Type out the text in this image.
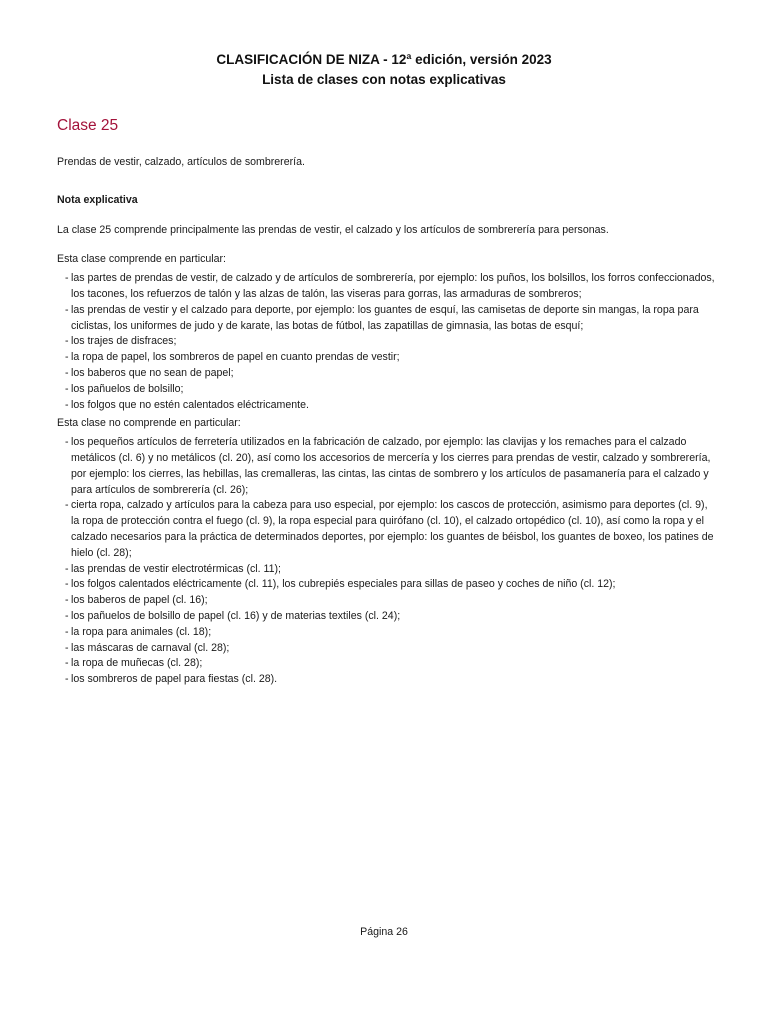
CLASIFICACIÓN DE NIZA - 12ª edición, versión 2023
Lista de clases con notas explicativas
Clase 25

Prendas de vestir, calzado, artículos de sombrerería.

Nota explicativa

La clase 25 comprende principalmente las prendas de vestir, el calzado y los artículos de sombrerería para personas.

Esta clase comprende en particular:

- las partes de prendas de vestir, de calzado y de artículos de sombrerería, por ejemplo: los puños, los bolsillos, los forros confeccionados, los tacones, los refuerzos de talón y las alzas de talón, las viseras para gorras, las armaduras de sombreros;
- las prendas de vestir y el calzado para deporte, por ejemplo: los guantes de esquí, las camisetas de deporte sin mangas, la ropa para ciclistas, los uniformes de judo y de karate, las botas de fútbol, las zapatillas de gimnasia, las botas de esquí;
- los trajes de disfraces;
- la ropa de papel, los sombreros de papel en cuanto prendas de vestir;
- los baberos que no sean de papel;
- los pañuelos de bolsillo;
- los folgos que no estén calentados eléctricamente.

Esta clase no comprende en particular:

- los pequeños artículos de ferretería utilizados en la fabricación de calzado, por ejemplo: las clavijas y los remaches para el calzado metálicos (cl. 6) y no metálicos (cl. 20), así como los accesorios de mercería y los cierres para prendas de vestir, calzado y sombrerería, por ejemplo: los cierres, las hebillas, las cremalleras, las cintas, las cintas de sombrero y los artículos de pasamanería para el calzado y para artículos de sombrerería (cl. 26);
- cierta ropa, calzado y artículos para la cabeza para uso especial, por ejemplo: los cascos de protección, asimismo para deportes (cl. 9), la ropa de protección contra el fuego (cl. 9), la ropa especial para quirófano (cl. 10), el calzado ortopédico (cl. 10), así como la ropa y el calzado necesarios para la práctica de determinados deportes, por ejemplo: los guantes de béisbol, los guantes de boxeo, los patines de hielo (cl. 28);
- las prendas de vestir electrotérmicas (cl. 11);
- los folgos calentados eléctricamente (cl. 11), los cubrepiés especiales para sillas de paseo y coches de niño (cl. 12);
- los baberos de papel (cl. 16);
- los pañuelos de bolsillo de papel (cl. 16) y de materias textiles (cl. 24);
- la ropa para animales (cl. 18);
- las máscaras de carnaval (cl. 28);
- la ropa de muñecas (cl. 28);
- los sombreros de papel para fiestas (cl. 28).
Página 26
